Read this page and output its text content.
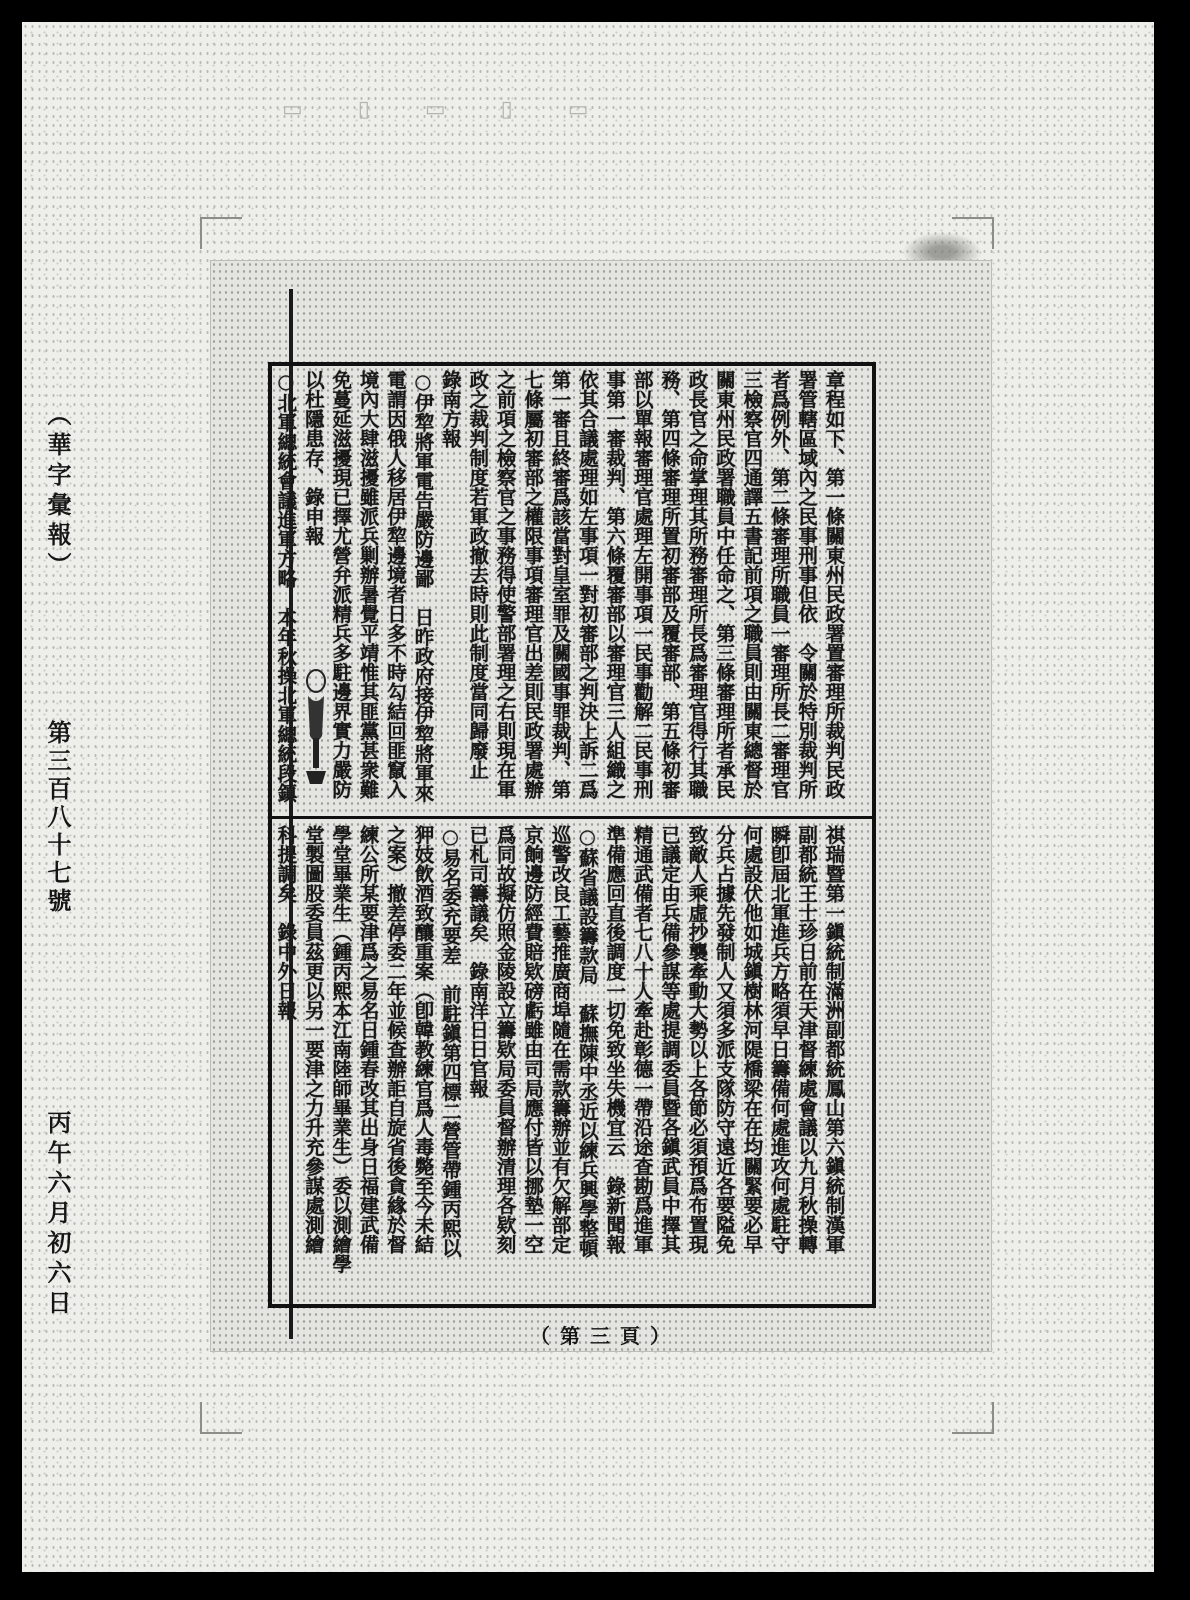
▭ ▯ ▭ ▯ ▭
（華字彙報）
第三百八十七號
丙午六月初六日

章程如下、第一條關東州民政署置審理所裁判民政

署管轄區域內之民事刑事但依　令關於特別裁判所

者爲例外、第二條審理所職員一審理所長二審理官

三檢察官四通譯五書記前項之職員則由關東總督於

關東州民政署職員中任命之、第三條審理所者承民

政長官之命掌理其所務審理所長爲審理官得行其職

務、第四條審理所置初審部及覆審部、第五條初審

部以單報審理官處理左開事項一民事勸解二民事刑

事第一審裁判、第六條覆審部以審理官三人組織之

依其合議處理如左事項一對初審部之判決上訴二爲

第一審且終審爲該當對皇室罪及關國事罪裁判、第

七條屬初審部之權限事項審理官出差則民政署處辦

之前項之檢察官之事務得使警部署理之右則現在軍

政之裁判制度若軍政撤去時則此制度當同歸廢止

錄南方報

○伊犂將軍電告嚴防邊鄙　日昨政府接伊犂將軍來

電謂因俄人移居伊犂邊境者日多不時勾結回匪竄入

境內大肆滋擾雖派兵剿辦暑覺平靖惟其匪黨甚衆難

免蔓延滋擾現已擇尤營弁派精兵多駐邊界實力嚴防

以杜隱患存、錄申報

○北軍總統會議進軍方略　本年秋操北軍總統段鎮

祺瑞暨第一鎭統制滿洲副都統鳳山第六鎭統制漢軍

副都統王士珍日前在天津督練處會議以九月秋操轉

瞬卽屆北軍進兵方略須早日籌備何處進攻何處駐守

何處設伏他如城鎭樹林河隄橋梁在在均關緊要必早

分兵占據先發制人又須多派支隊防守遠近各要隘免

致敵人乘虛抄襲牽動大勢以上各節必須預爲布置現

已議定由兵備參謀等處提調委員暨各鎭武員中擇其

精通武備者七八十人牽赴彰德一帶沿途查勘爲進軍

準備應回直後調度一切免致坐失機宜云　錄新聞報

○蘇省議設籌款局　蘇撫陳中丞近以練兵興學整頓

巡警改良工藝推廣商埠隨在需款籌辦並有欠解部定

京餉邊防經費賠欵磅虧雖由司局應付皆以挪墊一空

爲同故擬仿照金陵設立籌欵局委員督辦清理各欵刻

已札司籌議矣　錄南洋日日官報

○易名委充要差　前駐鎭第四標二營管帶鍾丙熙以

狎妓飲酒致釀重案（卽韓教練官爲人毒斃至今未結

之案）撤差停委二年並候查辦詎自旋省後貪緣於督

練公所某要津爲之易名日鍾春改其出身日福建武備

學堂畢業生（鍾丙熙本江南陸師畢業生）委以測繪學

堂製圖股委員茲更以另一要津之力升充參謀處測繪

科提調矣　錄中外日報

（第三頁）
